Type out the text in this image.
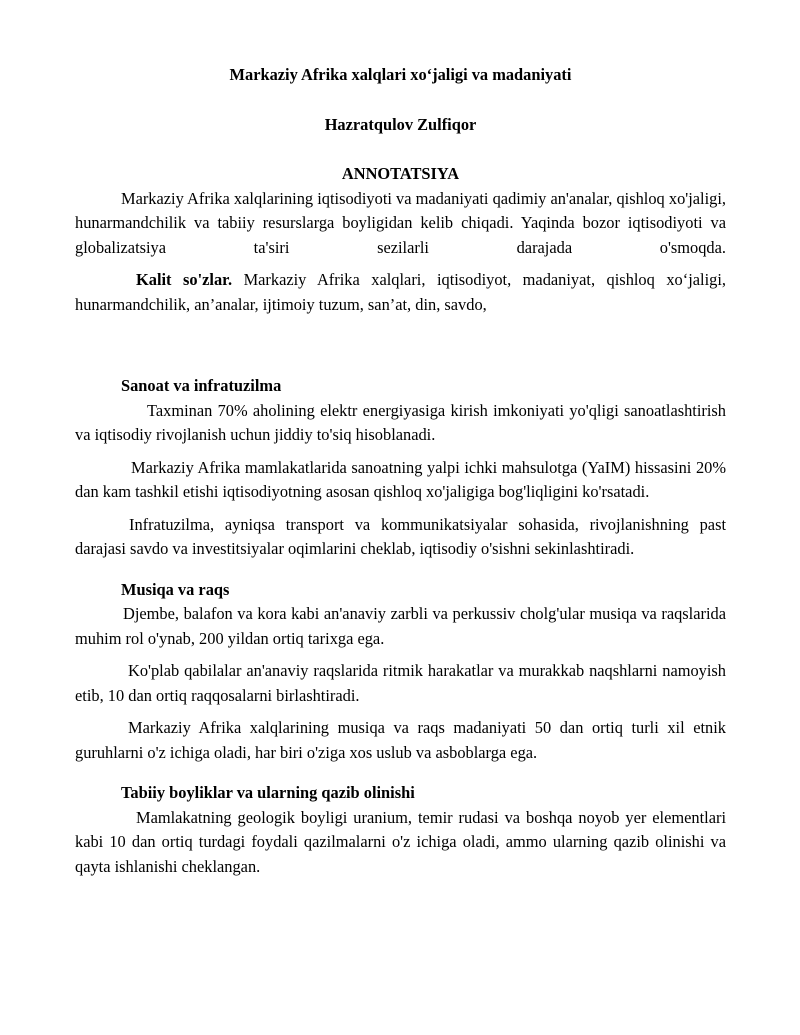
Markaziy Afrika xalqlari xo‘jaligi va madaniyati
Hazratqulov Zulfiqor
ANNOTATSIYA

Markaziy Afrika xalqlarining iqtisodiyoti va madaniyati qadimiy an'analar, qishloq xo'jaligi, hunarmandchilik va tabiiy resurslarga boyligidan kelib chiqadi. Yaqinda bozor iqtisodiyoti va globalizatsiya ta'siri sezilarli darajada o'smoqda.

Kalit so'zlar. Markaziy Afrika xalqlari, iqtisodiyot, madaniyat, qishloq xo‘jaligi, hunarmandchilik, an’analar, ijtimoiy tuzum, san’at, din, savdo,

Sanoat va infratuzilma

Taxminan 70% aholining elektr energiyasiga kirish imkoniyati yo'qligi sanoatlashtirish va iqtisodiy rivojlanish uchun jiddiy to'siq hisoblanadi.

Markaziy Afrika mamlakatlarida sanoatning yalpi ichki mahsulotga (YaIM) hissasini 20% dan kam tashkil etishi iqtisodiyotning asosan qishloq xo'jaligiga bog'liqligini ko'rsatadi.

Infratuzilma, ayniqsa transport va kommunikatsiyalar sohasida, rivojlanishning past darajasi savdo va investitsiyalar oqimlarini cheklab, iqtisodiy o'sishni sekinlashtiradi.

Musiqa va raqs

Djembe, balafon va kora kabi an'anaviy zarbli va perkussiv cholg'ular musiqa va raqslarida muhim rol o'ynab, 200 yildan ortiq tarixga ega.

Ko'plab qabilalar an'anaviy raqslarida ritmik harakatlar va murakkab naqshlarni namoyish etib, 10 dan ortiq raqqosalarni birlashtiradi.

Markaziy Afrika xalqlarining musiqa va raqs madaniyati 50 dan ortiq turli xil etnik guruhlarni o'z ichiga oladi, har biri o'ziga xos uslub va asboblarga ega.

Tabiiy boyliklar va ularning qazib olinishi

Mamlakatning geologik boyligi uranium, temir rudasi va boshqa noyob yer elementlari kabi 10 dan ortiq turdagi foydali qazilmalarni o'z ichiga oladi, ammo ularning qazib olinishi va qayta ishlanishi cheklangan.
